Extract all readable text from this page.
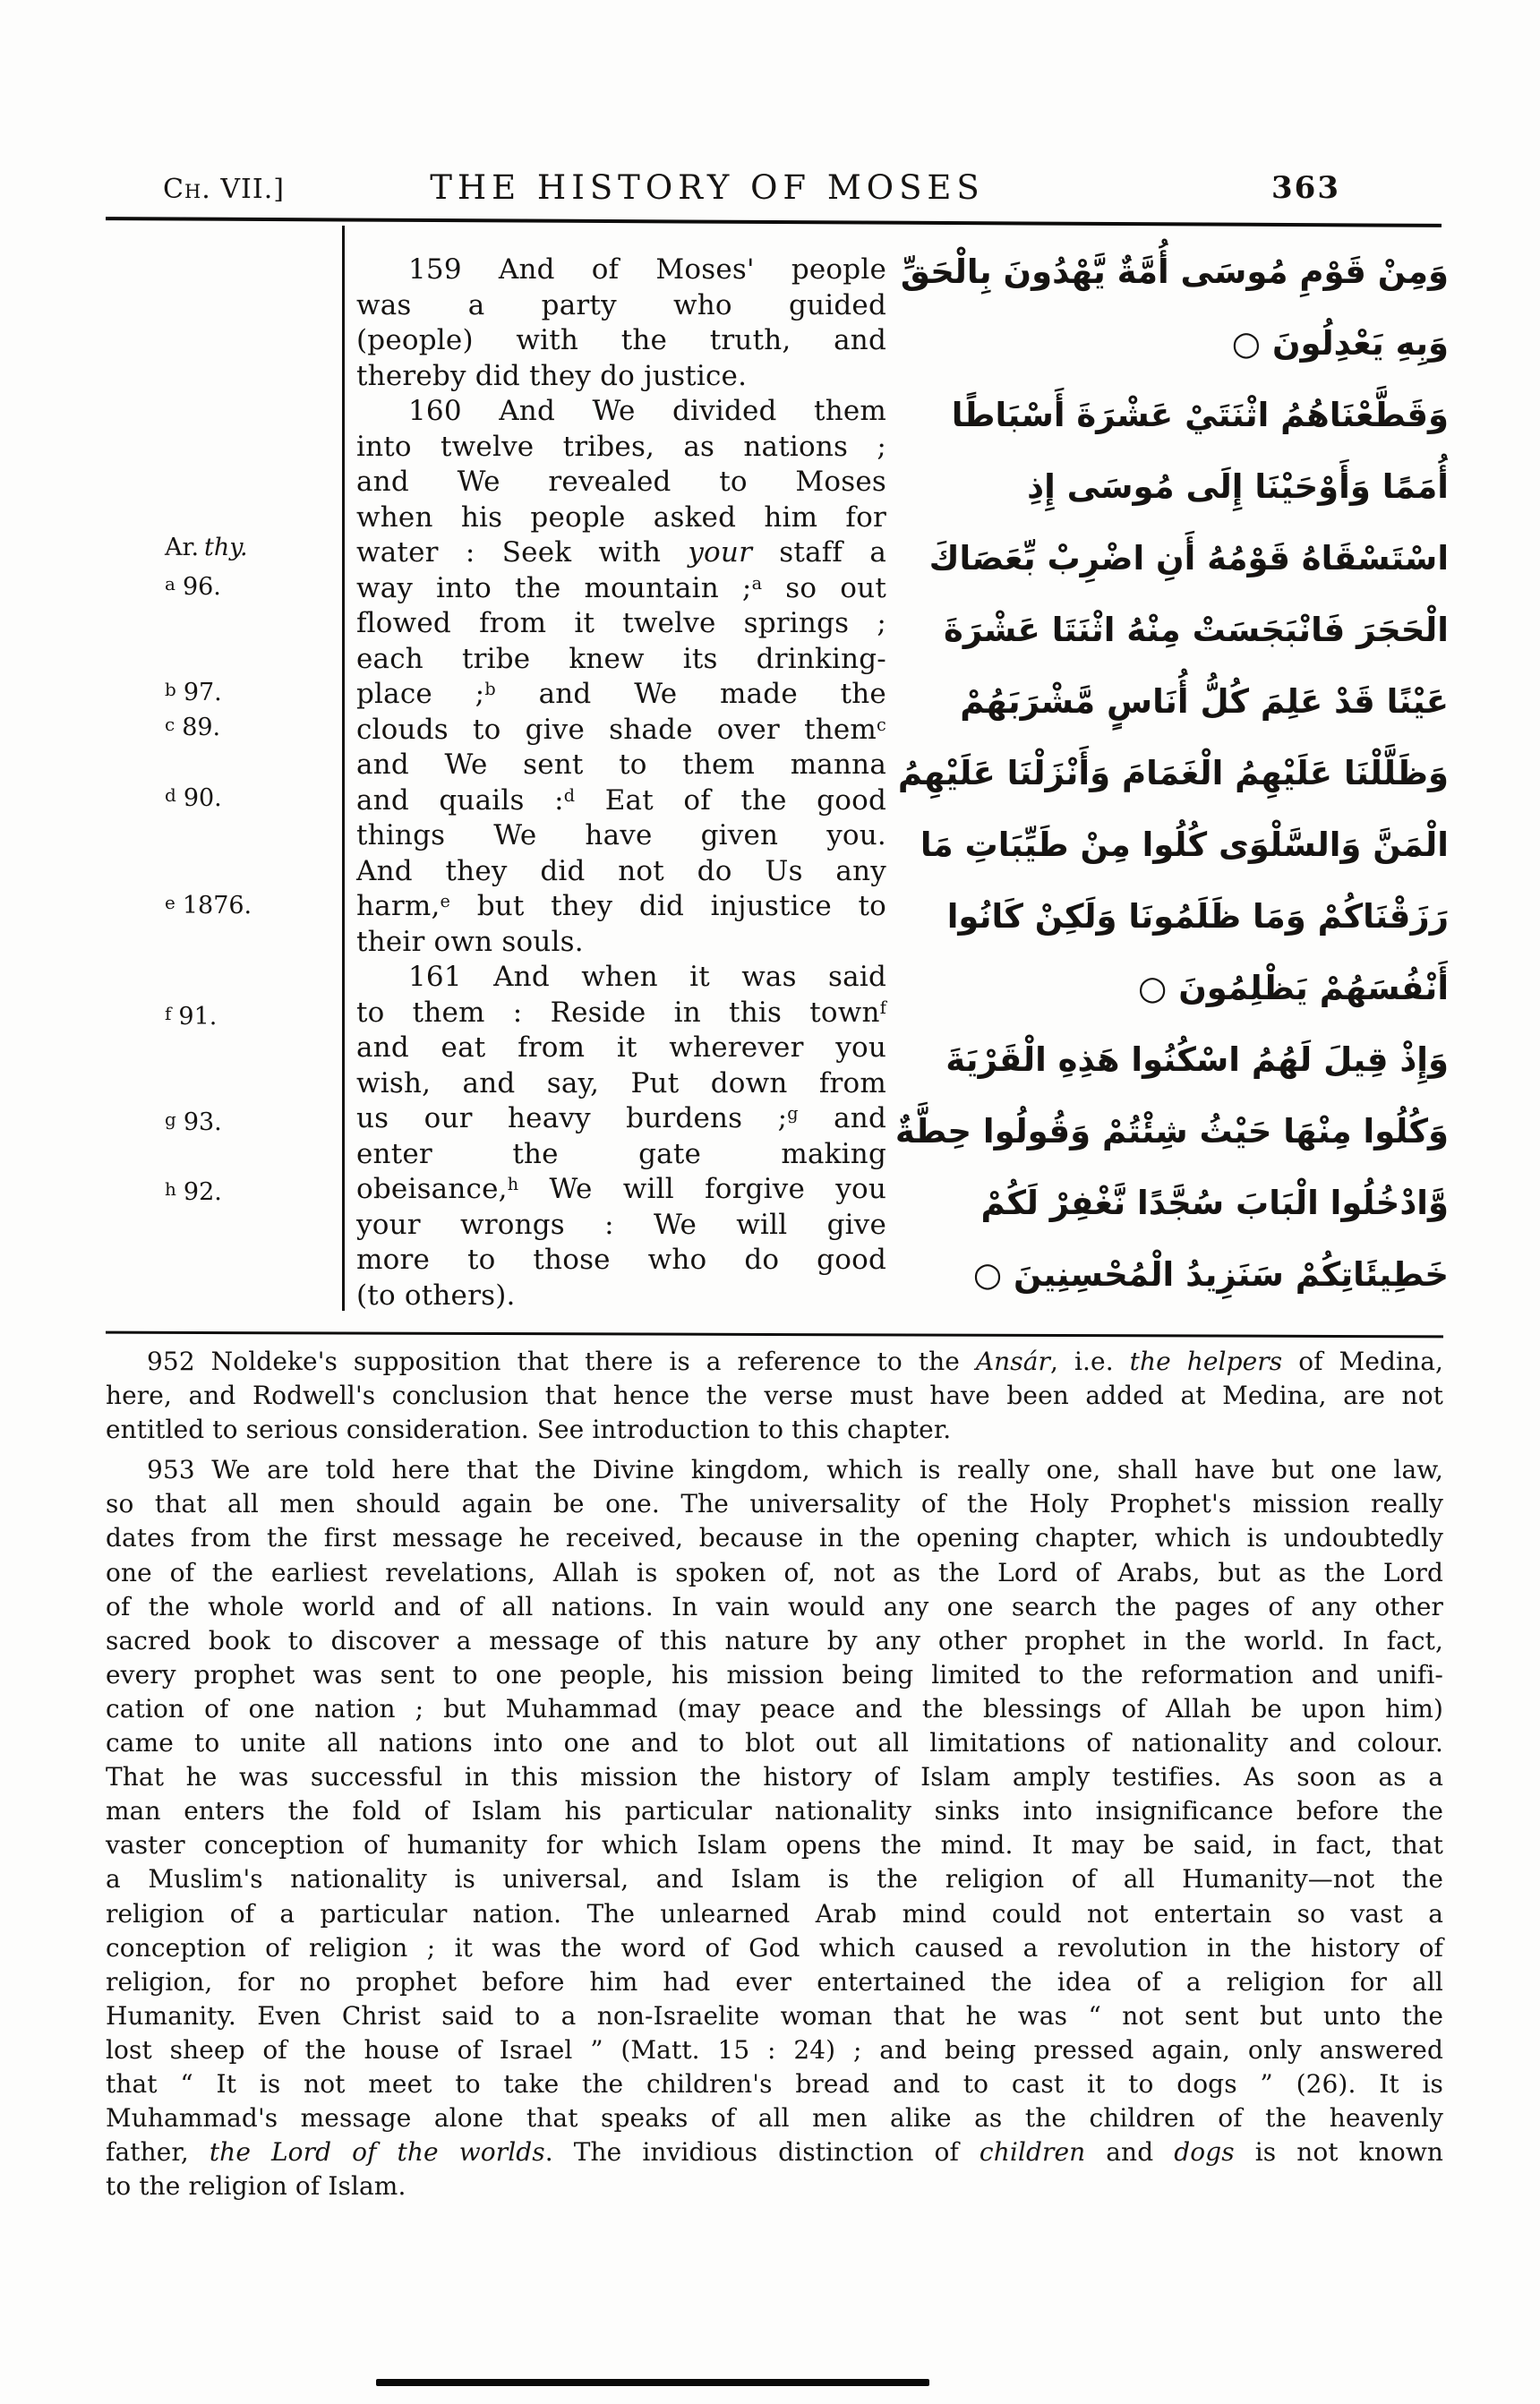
Ch. VII.]	THE HISTORY OF MOSES	363
Ar. thy.
a 96.
b 97.
c 89.
d 90.
e 1876.
f 91.
g 93.
h 92.
159 And of Moses' people
was a party who guided
(people) with the truth, and
thereby did they do justice.
160 And We divided them
into twelve tribes, as nations ;
and We revealed to Moses
when his people asked him for
water : Seek with your staff a
way into the mountain ;$^a$ so out
flowed from it twelve springs ;
each tribe knew its drinking-
place ;$^b$ and We made the
clouds to give shade over them$^c$
and We sent to them manna
and quails :$^d$ Eat of the good
things We have given you.
And they did not do Us any
harm,$^e$ but they did injustice to
their own souls.
161 And when it was said
to them : Reside in this town$^f$
and eat from it wherever you
wish, and say, Put down from
us our heavy burdens ;$^g$ and
enter the gate making
obeisance,$^h$ We will forgive you
your wrongs : We will give
more to those who do good
(to others).
وَمِنْ قَوْمِ مُوسَى أُمَّةٌ يَّهْدُونَ بِالْحَقِّ
وَبِهِ يَعْدِلُونَ ○
وَقَطَّعْنَاهُمُ اثْنَتَيْ عَشْرَةَ أَسْبَاطًا
أُمَمًا وَأَوْحَيْنَا إِلَى مُوسَى إِذِ
اسْتَسْقَاهُ قَوْمُهُ أَنِ اضْرِبْ بِّعَصَاكَ
الْحَجَرَ فَانْبَجَسَتْ مِنْهُ اثْنَتَا عَشْرَةَ
عَيْنًا قَدْ عَلِمَ كُلُّ أُنَاسٍ مَّشْرَبَهُمْ
وَظَلَّلْنَا عَلَيْهِمُ الْغَمَامَ وَأَنْزَلْنَا عَلَيْهِمُ
الْمَنَّ وَالسَّلْوَى كُلُوا مِنْ طَيِّبَاتِ مَا
رَزَقْنَاكُمْ وَمَا ظَلَمُونَا وَلَكِنْ كَانُوا
أَنْفُسَهُمْ يَظْلِمُونَ ○
وَإِذْ قِيلَ لَهُمُ اسْكُنُوا هَذِهِ الْقَرْيَةَ
وَكُلُوا مِنْهَا حَيْثُ شِئْتُمْ وَقُولُوا حِطَّةٌ
وَّادْخُلُوا الْبَابَ سُجَّدًا نَّغْفِرْ لَكُمْ
خَطِيئَاتِكُمْ سَنَزِيدُ الْمُحْسِنِينَ ○
952 Noldeke's supposition that there is a reference to the Ansár, i.e. the helpers of Medina,
here, and Rodwell's conclusion that hence the verse must have been added at Medina, are not
entitled to serious consideration. See introduction to this chapter.
953 We are told here that the Divine kingdom, which is really one, shall have but one law,
so that all men should again be one. The universality of the Holy Prophet's mission really
dates from the first message he received, because in the opening chapter, which is undoubtedly
one of the earliest revelations, Allah is spoken of, not as the Lord of Arabs, but as the Lord
of the whole world and of all nations. In vain would any one search the pages of any other
sacred book to discover a message of this nature by any other prophet in the world. In fact,
every prophet was sent to one people, his mission being limited to the reformation and unifi-
cation of one nation ; but Muhammad (may peace and the blessings of Allah be upon him)
came to unite all nations into one and to blot out all limitations of nationality and colour.
That he was successful in this mission the history of Islam amply testifies. As soon as a
man enters the fold of Islam his particular nationality sinks into insignificance before the
vaster conception of humanity for which Islam opens the mind. It may be said, in fact, that
a Muslim's nationality is universal, and Islam is the religion of all Humanity—not the
religion of a particular nation. The unlearned Arab mind could not entertain so vast a
conception of religion ; it was the word of God which caused a revolution in the history of
religion, for no prophet before him had ever entertained the idea of a religion for all
Humanity. Even Christ said to a non-Israelite woman that he was “ not sent but unto the
lost sheep of the house of Israel ” (Matt. 15 : 24) ; and being pressed again, only answered
that “ It is not meet to take the children's bread and to cast it to dogs ” (26). It is
Muhammad's message alone that speaks of all men alike as the children of the heavenly
father, the Lord of the worlds. The invidious distinction of children and dogs is not known
to the religion of Islam.
